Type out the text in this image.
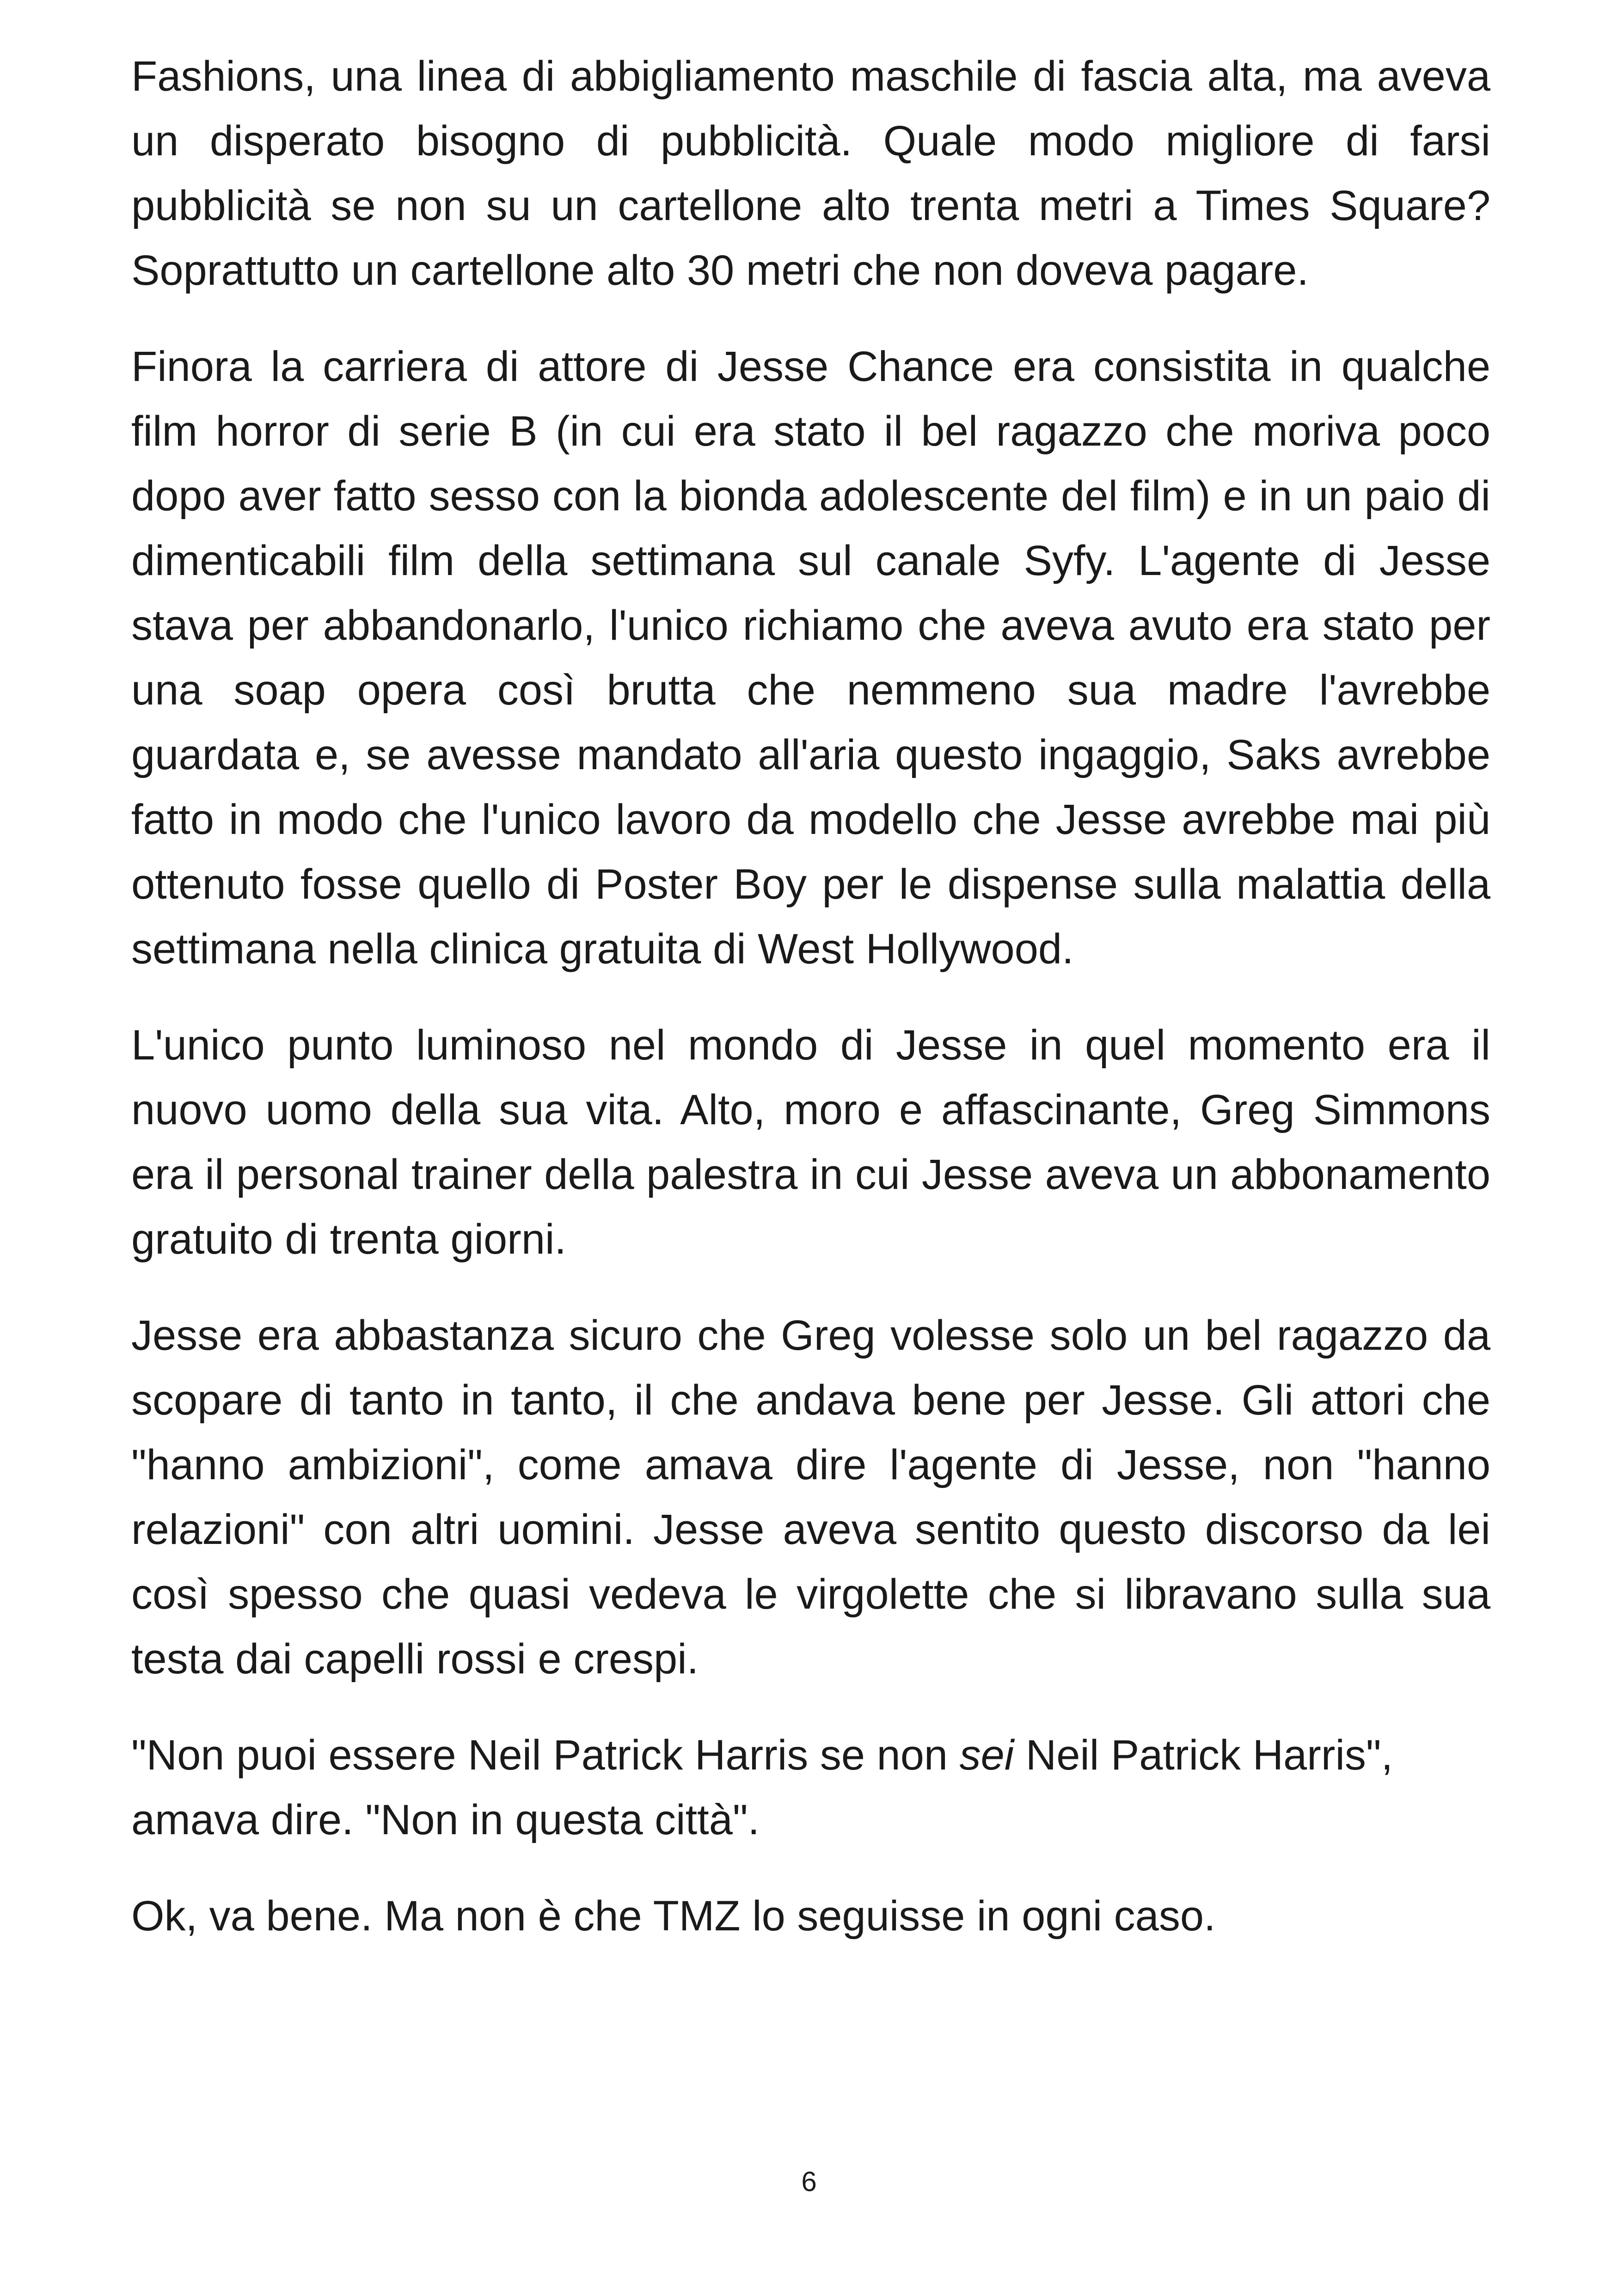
Fashions, una linea di abbigliamento maschile di fascia alta, ma aveva un disperato bisogno di pubblicità. Quale modo migliore di farsi pubblicità se non su un cartellone alto trenta metri a Times Square? Soprattutto un cartellone alto 30 metri che non doveva pagare.

Finora la carriera di attore di Jesse Chance era consistita in qualche film horror di serie B (in cui era stato il bel ragazzo che moriva poco dopo aver fatto sesso con la bionda adolescente del film) e in un paio di dimenticabili film della settimana sul canale Syfy. L'agente di Jesse stava per abbandonarlo, l'unico richiamo che aveva avuto era stato per una soap opera così brutta che nemmeno sua madre l'avrebbe guardata e, se avesse mandato all'aria questo ingaggio, Saks avrebbe fatto in modo che l'unico lavoro da modello che Jesse avrebbe mai più ottenuto fosse quello di Poster Boy per le dispense sulla malattia della settimana nella clinica gratuita di West Hollywood.

L'unico punto luminoso nel mondo di Jesse in quel momento era il nuovo uomo della sua vita. Alto, moro e affascinante, Greg Simmons era il personal trainer della palestra in cui Jesse aveva un abbonamento gratuito di trenta giorni.

Jesse era abbastanza sicuro che Greg volesse solo un bel ragazzo da scopare di tanto in tanto, il che andava bene per Jesse. Gli attori che "hanno ambizioni", come amava dire l'agente di Jesse, non "hanno relazioni" con altri uomini. Jesse aveva sentito questo discorso da lei così spesso che quasi vedeva le virgolette che si libravano sulla sua testa dai capelli rossi e crespi.

"Non puoi essere Neil Patrick Harris se non sei Neil Patrick Harris", amava dire. "Non in questa città".

Ok, va bene. Ma non è che TMZ lo seguisse in ogni caso.

6
